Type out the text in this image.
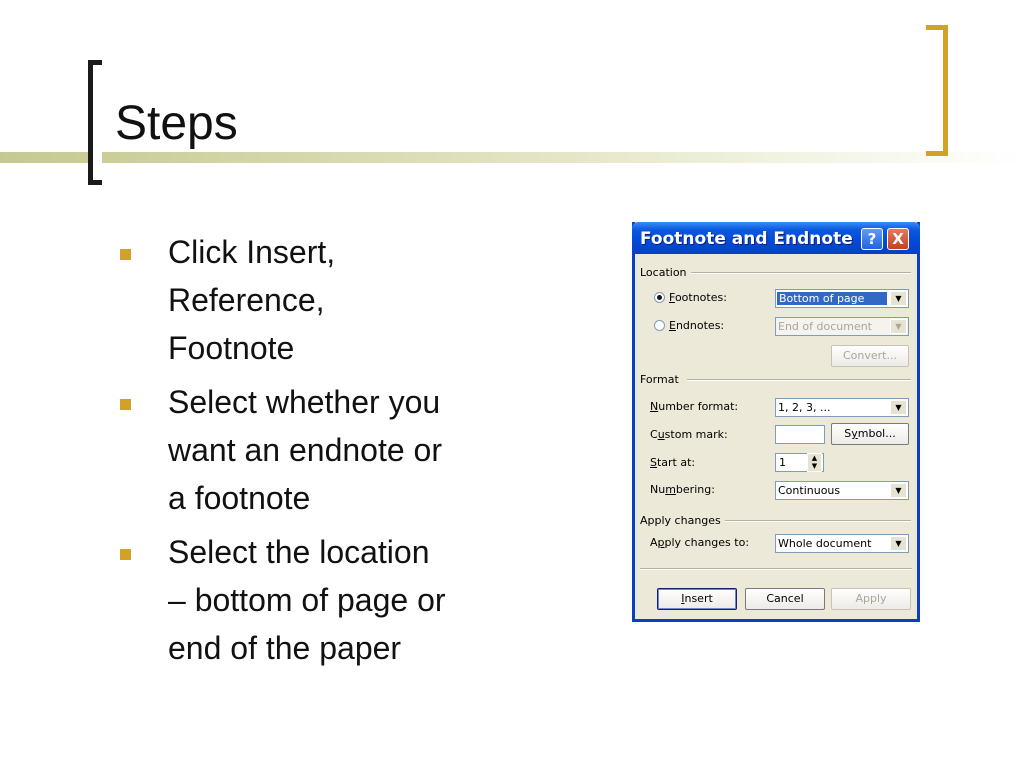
Steps
Click Insert,
Reference,
Footnote
Select whether you
want an endnote or
a footnote
Select the location
– bottom of page or
end of the paper
Footnote and Endnote ?	X
Location
Footnotes:	Bottom of page	▼
Endnotes:	End of document	▼
Convert...
Format
Number format:	1, 2, 3, ...	▼
Custom mark:	Symbol...
Start at:	1	▲
▼
Numbering:	Continuous	▼
Apply changes
Apply changes to:	Whole document	▼
Insert	Cancel	Apply
